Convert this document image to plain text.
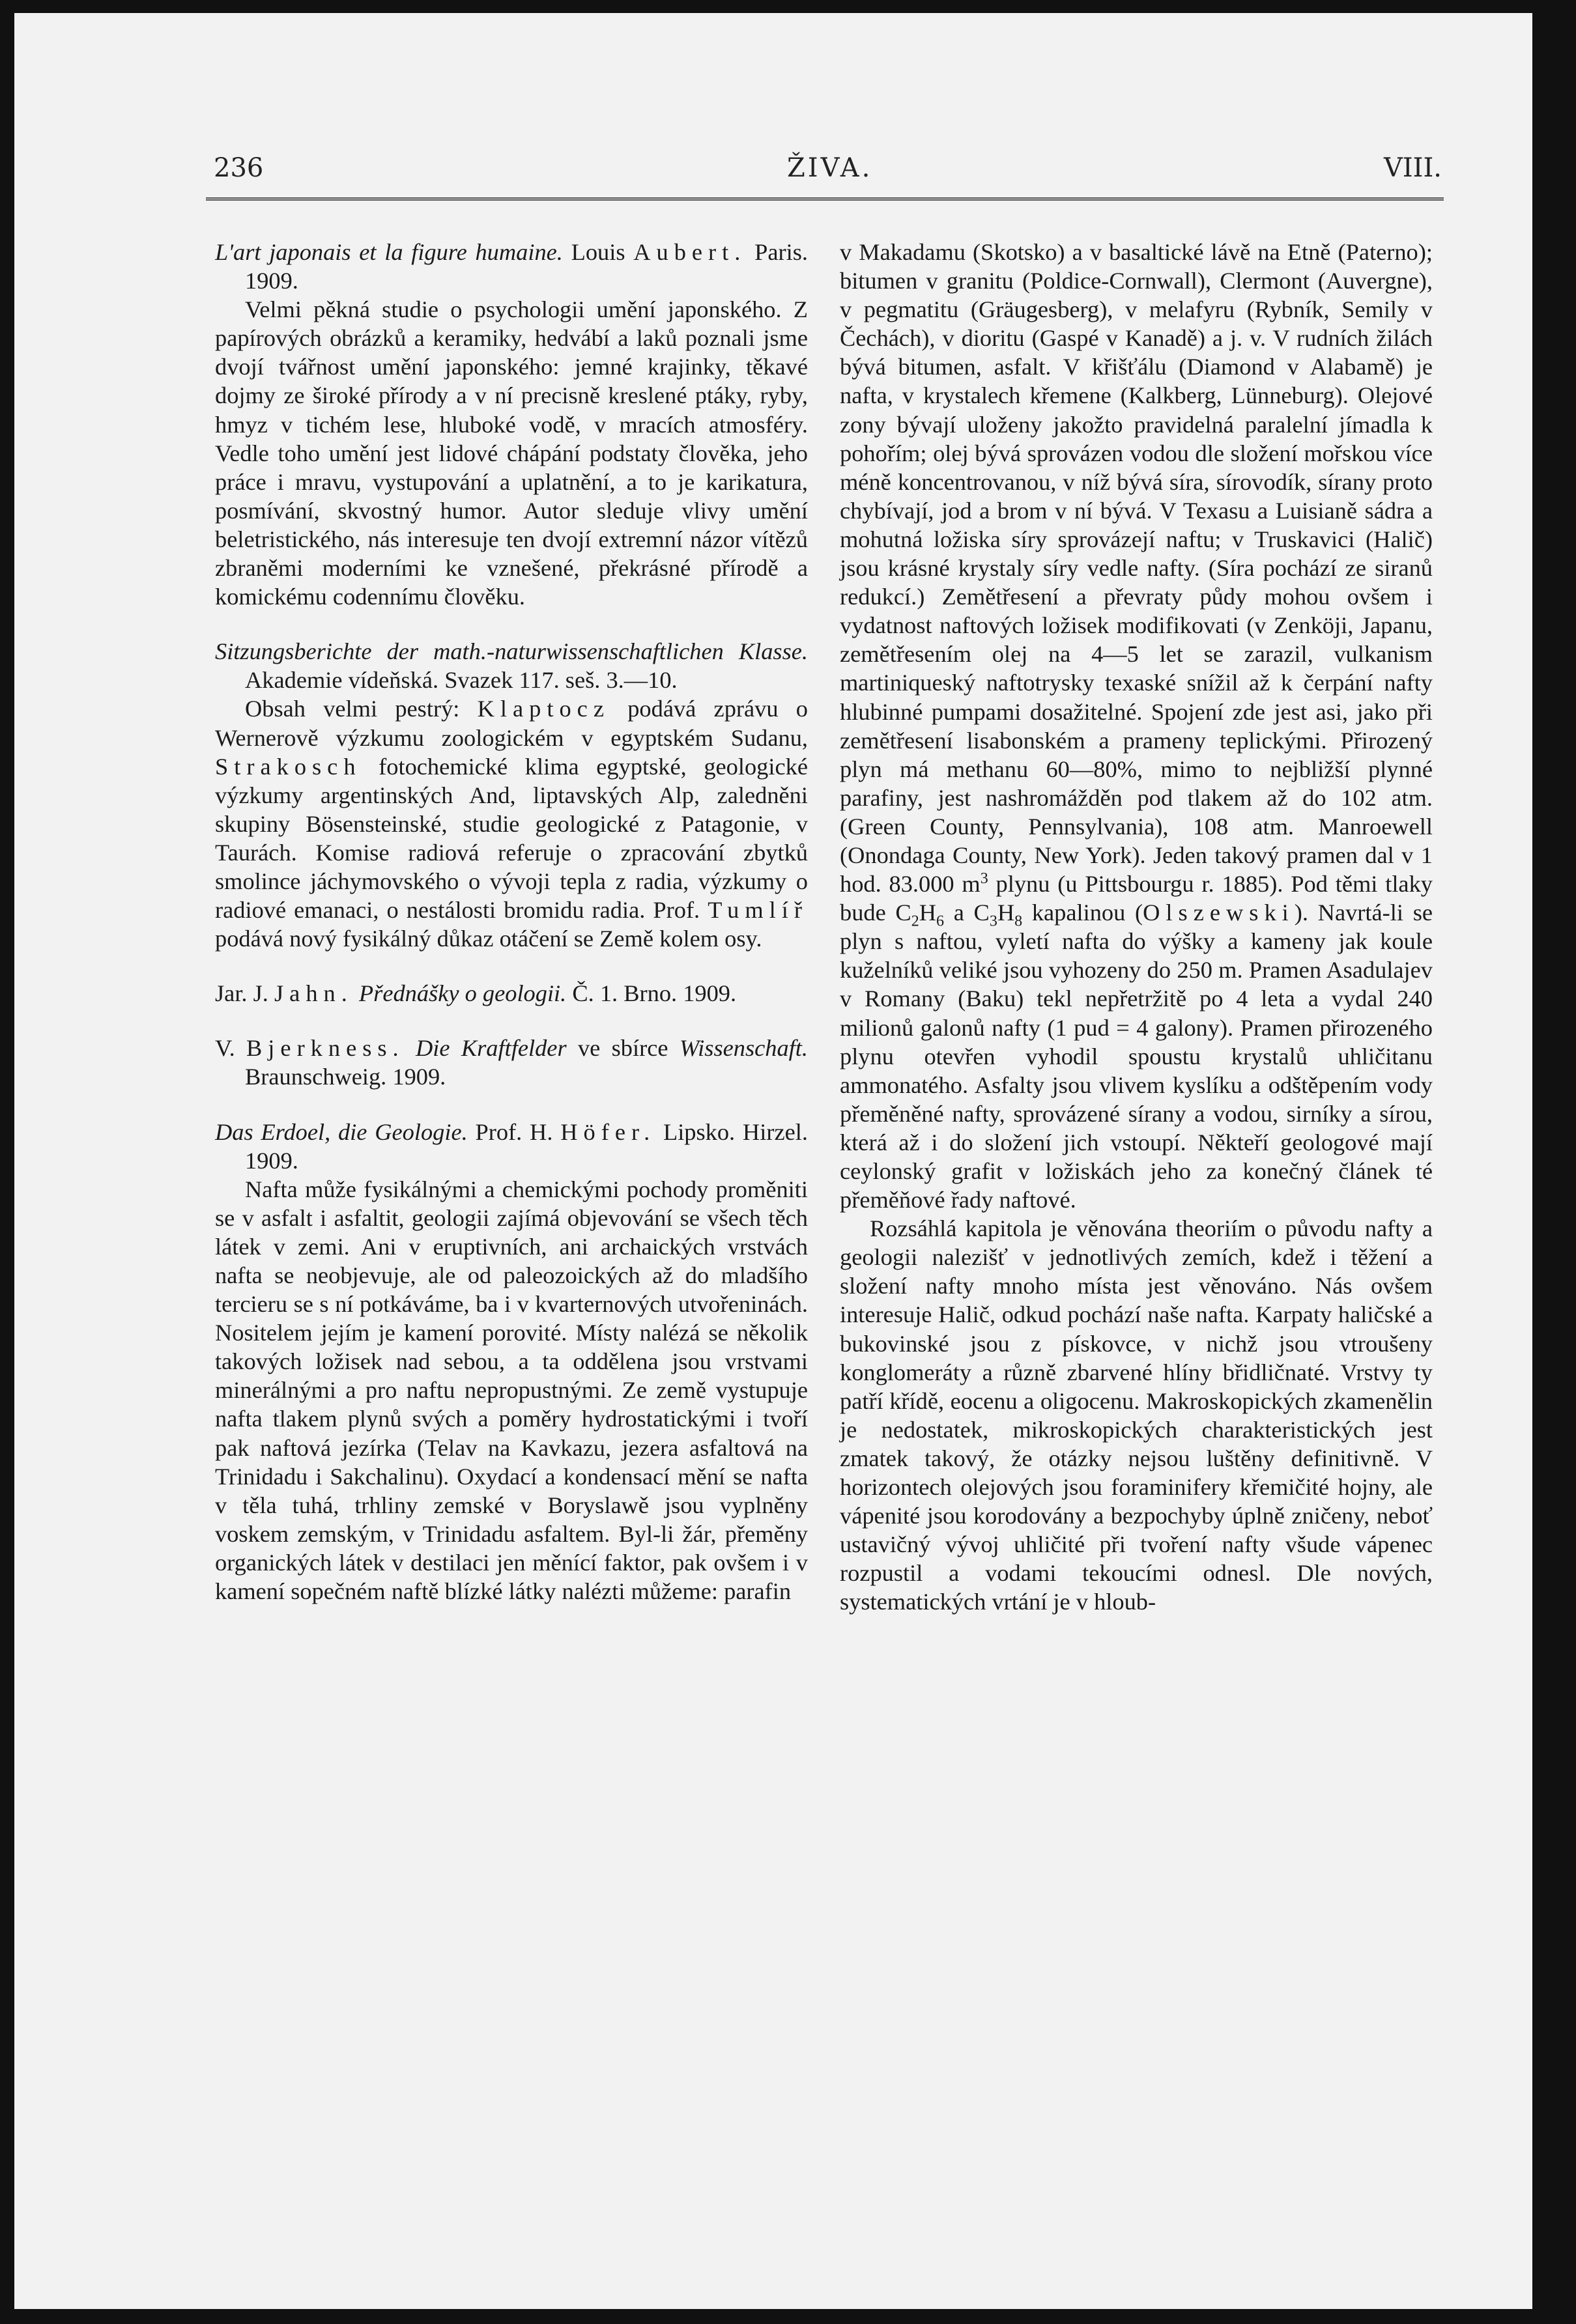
236	ŽIVA.	VIII.

L'art japonais et la figure humaine. Louis Aubert. Paris. 1909.

Velmi pěkná studie o psychologii umění japonského. Z papírových obrázků a keramiky, hedvábí a laků poznali jsme dvojí tvářnost umění japonského: jemné krajinky, těkavé dojmy ze široké přírody a v ní precisně kreslené ptáky, ryby, hmyz v tichém lese, hluboké vodě, v mracích atmosféry. Vedle toho umění jest lidové chápání podstaty člověka, jeho práce i mravu, vystupování a uplatnění, a to je karikatura, posmívání, skvostný humor. Autor sleduje vlivy umění beletristického, nás interesuje ten dvojí extremní názor vítězů zbraněmi moderními ke vznešené, překrásné přírodě a komickému codennímu člověku.

Sitzungsberichte der math.-naturwissenschaftlichen Klasse. Akademie vídeňská. Svazek 117. seš. 3.—10.

Obsah velmi pestrý: Klaptocz podává zprávu o Wernerově výzkumu zoologickém v egyptském Sudanu, Strakosch fotochemické klima egyptské, geologické výzkumy argentinských And, liptavských Alp, zaledněni skupiny Bösensteinské, studie geologické z Patagonie, v Taurách. Komise radiová referuje o zpracování zbytků smolince jáchymovského o vývoji tepla z radia, výzkumy o radiové emanaci, o nestálosti bromidu radia. Prof. Tumlíř podává nový fysikálný důkaz otáčení se Země kolem osy.

Jar. J. Jahn. Přednášky o geologii. Č. 1. Brno. 1909.

V. Bjerkness. Die Kraftfelder ve sbírce Wissenschaft. Braunschweig. 1909.

Das Erdoel, die Geologie. Prof. H. Höfer. Lipsko. Hirzel. 1909.

Nafta může fysikálnými a chemickými pochody proměniti se v asfalt i asfaltit, geologii zajímá objevování se všech těch látek v zemi. Ani v eruptivních, ani archaických vrstvách nafta se neobjevuje, ale od paleozoických až do mladšího tercieru se s ní potkáváme, ba i v kvarternových utvořeninách. Nositelem jejím je kamení porovité. Místy nalézá se několik takových ložisek nad sebou, a ta oddělena jsou vrstvami minerálnými a pro naftu nepropustnými. Ze země vystupuje nafta tlakem plynů svých a poměry hydrostatickými i tvoří pak naftová jezírka (Telav na Kavkazu, jezera asfaltová na Trinidadu i Sakchalinu). Oxydací a kondensací mění se nafta v těla tuhá, trhliny zemské v Boryslawě jsou vyplněny voskem zemským, v Trinidadu asfaltem. Byl-li žár, přeměny organických látek v destilaci jen měnící faktor, pak ovšem i v kamení sopečném naftě blízké látky nalézti můžeme: parafin

v Makadamu (Skotsko) a v basaltické lávě na Etně (Paterno); bitumen v granitu (Poldice-Cornwall), Clermont (Auvergne), v pegmatitu (Gräugesberg), v melafyru (Rybník, Semily v Čechách), v dioritu (Gaspé v Kanadě) a j. v. V rudních žilách bývá bitumen, asfalt. V křišťálu (Diamond v Alabamě) je nafta, v krystalech křemene (Kalkberg, Lünneburg). Olejové zony bývají uloženy jakožto pravidelná paralelní jímadla k pohořím; olej bývá sprovázen vodou dle složení mořskou více méně koncentrovanou, v níž bývá síra, sírovodík, sírany proto chybívají, jod a brom v ní bývá. V Texasu a Luisianě sádra a mohutná ložiska síry sprovázejí naftu; v Truskavici (Halič) jsou krásné krystaly síry vedle nafty. (Síra pochází ze siranů redukcí.) Zemětřesení a převraty půdy mohou ovšem i vydatnost naftových ložisek modifikovati (v Zenköji, Japanu, zemětřesením olej na 4—5 let se zarazil, vulkanism martiniqueský naftotrysky texaské snížil až k čerpání nafty hlubinné pumpami dosažitelné. Spojení zde jest asi, jako při zemětřesení lisabonském a prameny teplickými. Přirozený plyn má methanu 60—80%, mimo to nejbližší plynné parafiny, jest nashromážděn pod tlakem až do 102 atm. (Green County, Pennsylvania), 108 atm. Manroewell (Onondaga County, New York). Jeden takový pramen dal v 1 hod. 83.000 $m^3$ plynu (u Pittsbourgu r. 1885). Pod těmi tlaky bude $C_2H_6$ a $C_3H_8$ kapalinou (Olszewski). Navrtá-li se plyn s naftou, vyletí nafta do výšky a kameny jak koule kuželníků veliké jsou vyhozeny do 250 m. Pramen Asadulajev v Romany (Baku) tekl nepřetržitě po 4 leta a vydal 240 milionů galonů nafty (1 pud = 4 galony). Pramen přirozeného plynu otevřen vyhodil spoustu krystalů uhličitanu ammonatého. Asfalty jsou vlivem kyslíku a odštěpením vody přeměněné nafty, sprovázené sírany a vodou, sirníky a sírou, která až i do složení jich vstoupí. Někteří geologové mají ceylonský grafit v ložiskách jeho za konečný článek té přeměňové řady naftové.

Rozsáhlá kapitola je věnována theoriím o původu nafty a geologii nalezišť v jednotlivých zemích, kdež i těžení a složení nafty mnoho místa jest věnováno. Nás ovšem interesuje Halič, odkud pochází naše nafta. Karpaty haličské a bukovinské jsou z pískovce, v nichž jsou vtroušeny konglomeráty a různě zbarvené hlíny břidličnaté. Vrstvy ty patří křídě, eocenu a oligocenu. Makroskopických zkamenělin je nedostatek, mikroskopických charakteristických jest zmatek takový, že otázky nejsou luštěny definitivně. V horizontech olejových jsou foraminifery křemičité hojny, ale vápenité jsou korodovány a bezpochyby úplně zničeny, neboť ustavičný vývoj uhličité při tvoření nafty všude vápenec rozpustil a vodami tekoucími odnesl. Dle nových, systematických vrtání je v hloub-
